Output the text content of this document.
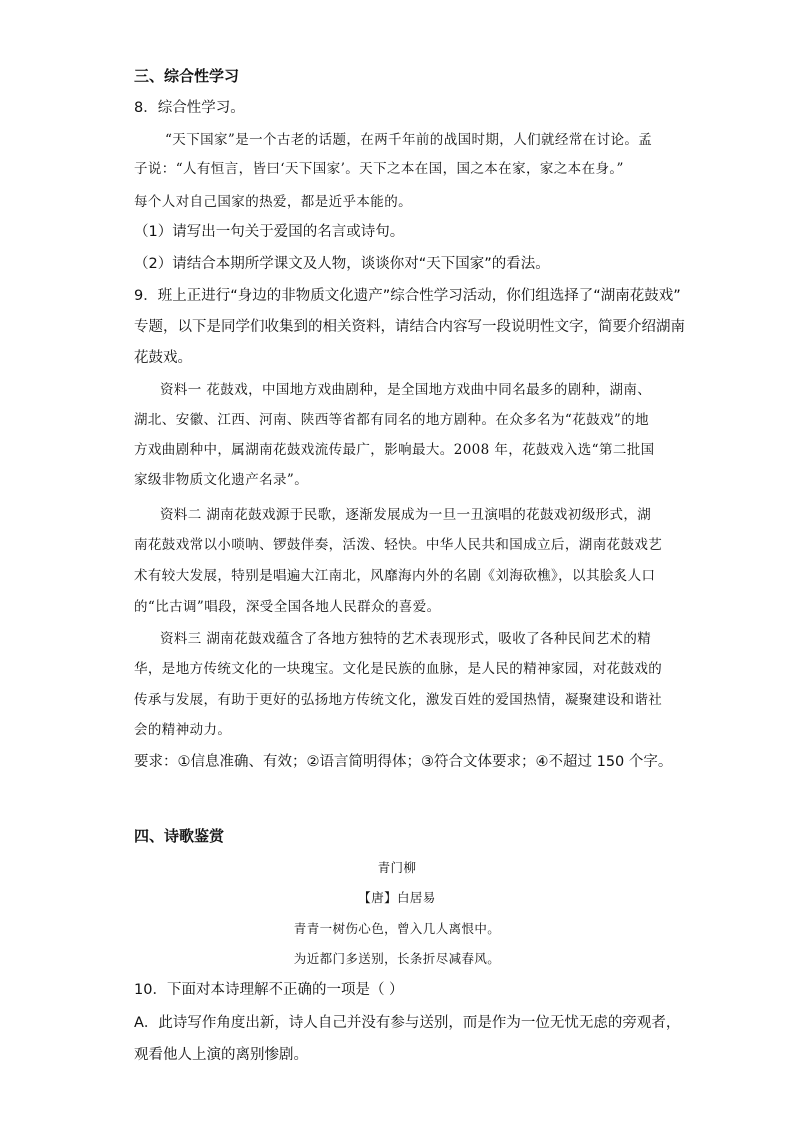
三、综合性学习
8．综合性学习。
“天下国家”是一个古老的话题，在两千年前的战国时期，人们就经常在讨论。孟
子说：“人有恒言，皆曰‘天下国家’。天下之本在国，国之本在家，家之本在身。”
每个人对自己国家的热爱，都是近乎本能的。
（1）请写出一句关于爱国的名言或诗句。
（2）请结合本期所学课文及人物，谈谈你对“天下国家”的看法。
9．班上正进行“身边的非物质文化遗产”综合性学习活动，你们组选择了“湖南花鼓戏”
专题，以下是同学们收集到的相关资料，请结合内容写一段说明性文字，简要介绍湖南
花鼓戏。
资料一 花鼓戏，中国地方戏曲剧种，是全国地方戏曲中同名最多的剧种，湖南、
湖北、安徽、江西、河南、陕西等省都有同名的地方剧种。在众多名为“花鼓戏”的地
方戏曲剧种中，属湖南花鼓戏流传最广，影响最大。2008 年，花鼓戏入选“第二批国
家级非物质文化遗产名录”。
资料二 湖南花鼓戏源于民歌，逐渐发展成为一旦一丑演唱的花鼓戏初级形式，湖
南花鼓戏常以小唢呐、锣鼓伴奏，活泼、轻快。中华人民共和国成立后，湖南花鼓戏艺
术有较大发展，特别是唱遍大江南北，风靡海内外的名剧《刘海砍樵》，以其脍炙人口
的“比古调”唱段，深受全国各地人民群众的喜爱。
资料三 湖南花鼓戏蕴含了各地方独特的艺术表现形式，吸收了各种民间艺术的精
华，是地方传统文化的一块瑰宝。文化是民族的血脉，是人民的精神家园，对花鼓戏的
传承与发展，有助于更好的弘扬地方传统文化，激发百姓的爱国热情，凝聚建设和谐社
会的精神动力。
要求：①信息准确、有效；②语言简明得体；③符合文体要求；④不超过 150 个字。
四、诗歌鉴赏
青门柳
【唐】白居易
青青一树伤心色，曾入几人离恨中。
为近都门多送别，长条折尽减春风。
10．下面对本诗理解不正确的一项是（ ）
A．此诗写作角度出新，诗人自己并没有参与送别，而是作为一位无忧无虑的旁观者，
观看他人上演的离别惨剧。
